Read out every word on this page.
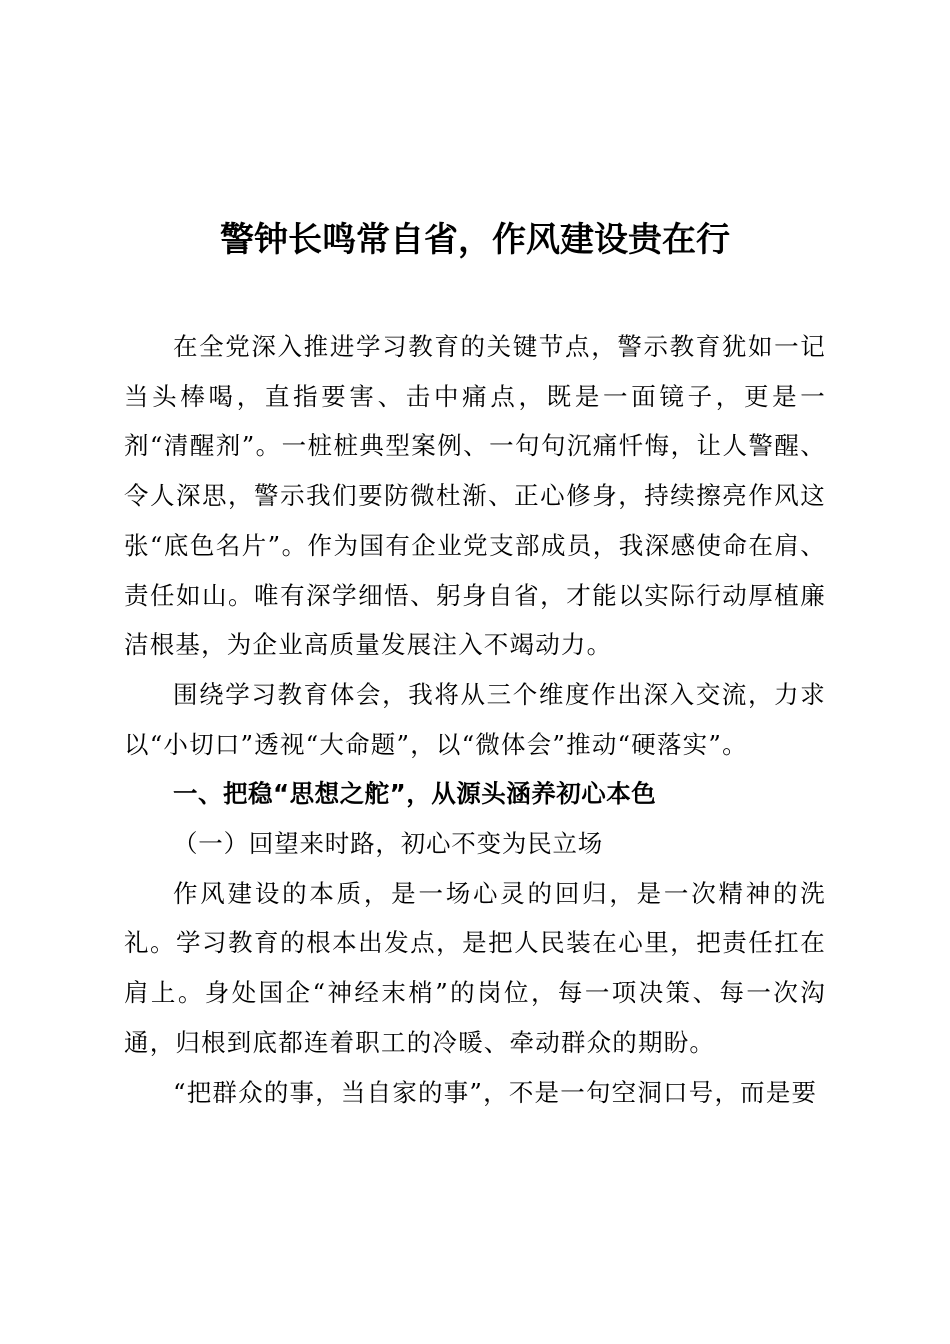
警钟长鸣常自省，作风建设贵在行

在全党深入推进学习教育的关键节点，警示教育犹如一记当头棒喝，直指要害、击中痛点，既是一面镜子，更是一剂“清醒剂”。一桩桩典型案例、一句句沉痛忏悔，让人警醒、令人深思，警示我们要防微杜渐、正心修身，持续擦亮作风这张“底色名片”。作为国有企业党支部成员，我深感使命在肩、责任如山。唯有深学细悟、躬身自省，才能以实际行动厚植廉洁根基，为企业高质量发展注入不竭动力。

围绕学习教育体会，我将从三个维度作出深入交流，力求以“小切口”透视“大命题”，以“微体会”推动“硬落实”。

一、把稳“思想之舵”，从源头涵养初心本色

（一）回望来时路，初心不变为民立场

作风建设的本质，是一场心灵的回归，是一次精神的洗礼。学习教育的根本出发点，是把人民装在心里，把责任扛在肩上。身处国企“神经末梢”的岗位，每一项决策、每一次沟通，归根到底都连着职工的冷暖、牵动群众的期盼。

“把群众的事，当自家的事”，不是一句空洞口号，而是要
